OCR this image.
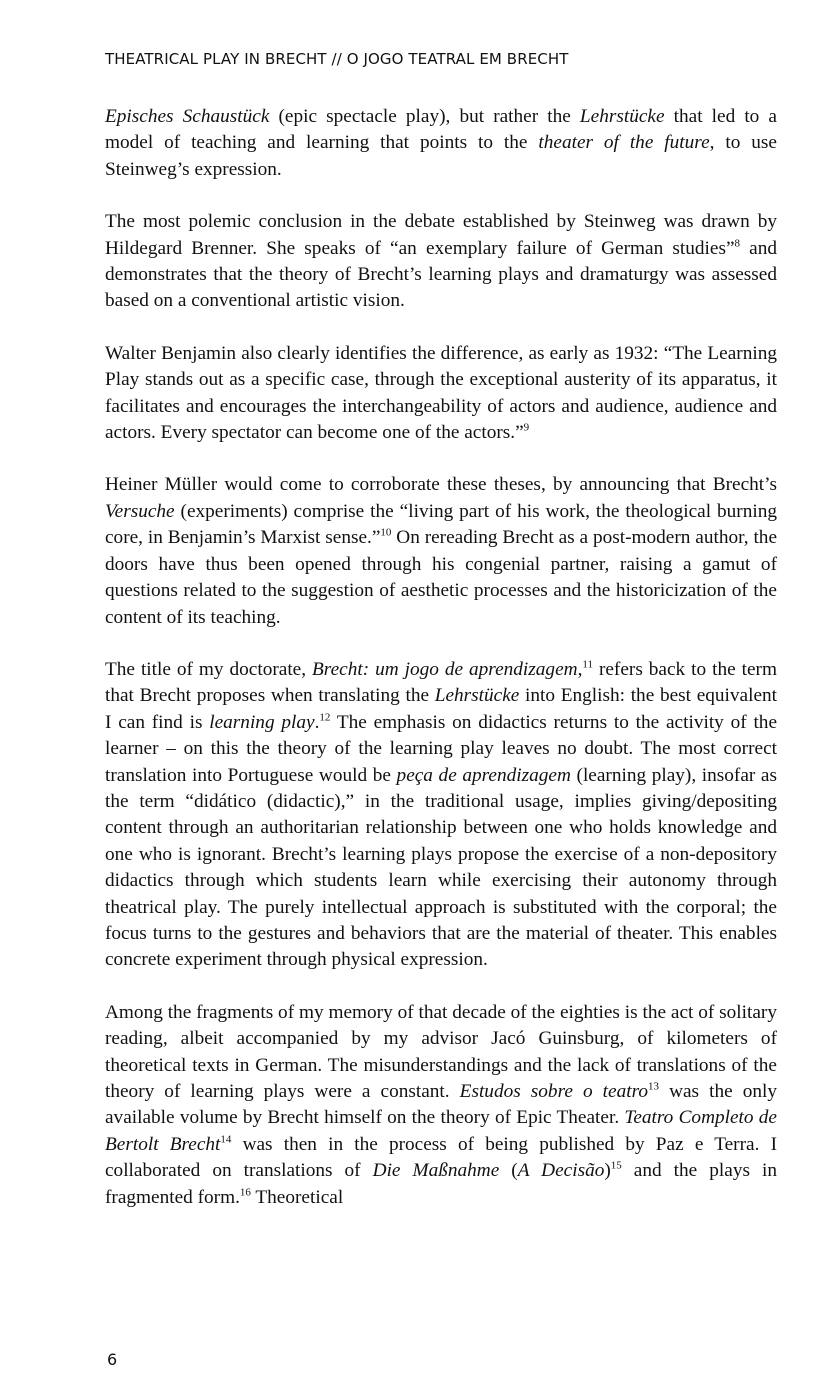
THEATRICAL PLAY IN BRECHT // O JOGO TEATRAL EM BRECHT

Episches Schaustück (epic spectacle play), but rather the Lehrstücke that led to a model of teaching and learning that points to the theater of the future, to use Steinweg’s expression.

The most polemic conclusion in the debate established by Steinweg was drawn by Hildegard Brenner. She speaks of “an exemplary failure of German studies”$^8$ and demonstrates that the theory of Brecht’s learning plays and dramaturgy was assessed based on a conventional artistic vision.

Walter Benjamin also clearly identifies the difference, as early as 1932: “The Learning Play stands out as a specific case, through the exceptional austerity of its apparatus, it facilitates and encourages the interchangeability of actors and audience, audience and actors. Every spectator can become one of the actors.”$^9$

Heiner Müller would come to corroborate these theses, by announcing that Brecht’s Versuche (experiments) comprise the “living part of his work, the theological burning core, in Benjamin’s Marxist sense.”$^{10}$ On rereading Brecht as a post-modern author, the doors have thus been opened through his congenial partner, raising a gamut of questions related to the suggestion of aesthetic processes and the historicization of the content of its teaching.

The title of my doctorate, Brecht: um jogo de aprendizagem,$^{11}$ refers back to the term that Brecht proposes when translating the Lehrstücke into English: the best equivalent I can find is learning play.$^{12}$ The emphasis on didactics returns to the activity of the learner – on this the theory of the learning play leaves no doubt. The most correct translation into Portuguese would be peça de aprendizagem (learning play), insofar as the term “didático (didactic),” in the traditional usage, implies giving/depositing content through an authoritarian relationship between one who holds knowledge and one who is ignorant. Brecht’s learning plays propose the exercise of a non-depository didactics through which students learn while exercising their autonomy through theatrical play. The purely intellectual approach is substituted with the corporal; the focus turns to the gestures and behaviors that are the material of theater. This enables concrete experiment through physical expression.

Among the fragments of my memory of that decade of the eighties is the act of solitary reading, albeit accompanied by my advisor Jacó Guinsburg, of kilometers of theoretical texts in German. The misunderstandings and the lack of translations of the theory of learning plays were a constant. Estudos sobre o teatro$^{13}$ was the only available volume by Brecht himself on the theory of Epic Theater. Teatro Completo de Bertolt Brecht$^{14}$ was then in the process of being published by Paz e Terra. I collaborated on translations of Die Maßnahme (A Decisão)$^{15}$ and the plays in fragmented form.$^{16}$ Theoretical

6
